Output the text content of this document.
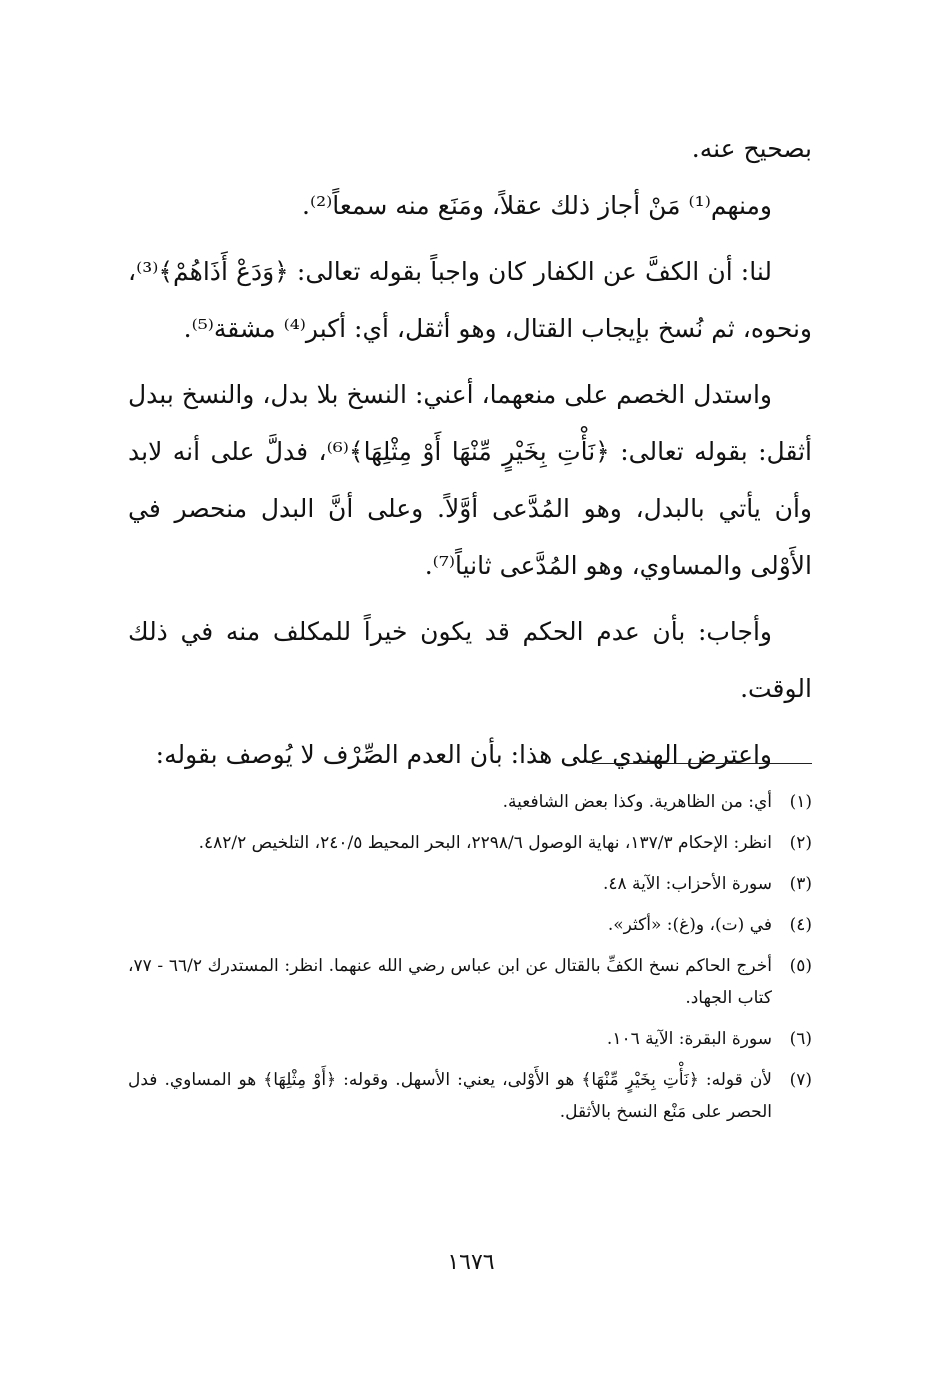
بصحيح عنه.

ومنهم⁽¹⁾ مَنْ أجاز ذلك عقلاً، ومَنَع منه سمعاً⁽²⁾.

لنا: أن الكفَّ عن الكفار كان واجباً بقوله تعالى: ﴿وَدَعْ أَذَاهُمْ﴾⁽³⁾، ونحوه، ثم نُسخ بإيجاب القتال، وهو أثقل، أي: أكبر⁽⁴⁾ مشقة⁽⁵⁾.

واستدل الخصم على منعهما، أعني: النسخ بلا بدل، والنسخ ببدل أثقل: بقوله تعالى: ﴿نَأْتِ بِخَيْرٍ مِّنْهَا أَوْ مِثْلِهَا﴾⁽⁶⁾، فدلَّ على أنه لابد وأن يأتي بالبدل، وهو المُدَّعى أوَّلاً. وعلى أنَّ البدل منحصر في الأَوْلى والمساوي، وهو المُدَّعى ثانياً⁽⁷⁾.

وأجاب: بأن عدم الحكم قد يكون خيراً للمكلف منه في ذلك الوقت.

واعترض الهندي على هذا: بأن العدم الصِّرْف لا يُوصف بقوله:

(١)
أي: من الظاهرية. وكذا بعض الشافعية.
(٢)
انظر: الإحكام ١٣٧/٣، نهاية الوصول ٢٢٩٨/٦، البحر المحيط ٢٤٠/٥، التلخيص ٤٨٢/٢.
(٣)
سورة الأحزاب: الآية ٤٨.
(٤)
في (ت)، و(غ): «أكثر».
(٥)
أخرج الحاكم نسخ الكفِّ بالقتال عن ابن عباس رضي الله عنهما. انظر: المستدرك ٦٦/٢ - ٧٧، كتاب الجهاد.
(٦)
سورة البقرة: الآية ١٠٦.
(٧)
لأن قوله: ﴿نَأْتِ بِخَيْرٍ مِّنْهَا﴾ هو الأَوْلى، يعني: الأسهل. وقوله: ﴿أَوْ مِثْلِهَا﴾ هو المساوي. فدل الحصر على مَنْع النسخ بالأثقل.
١٦٧٦
